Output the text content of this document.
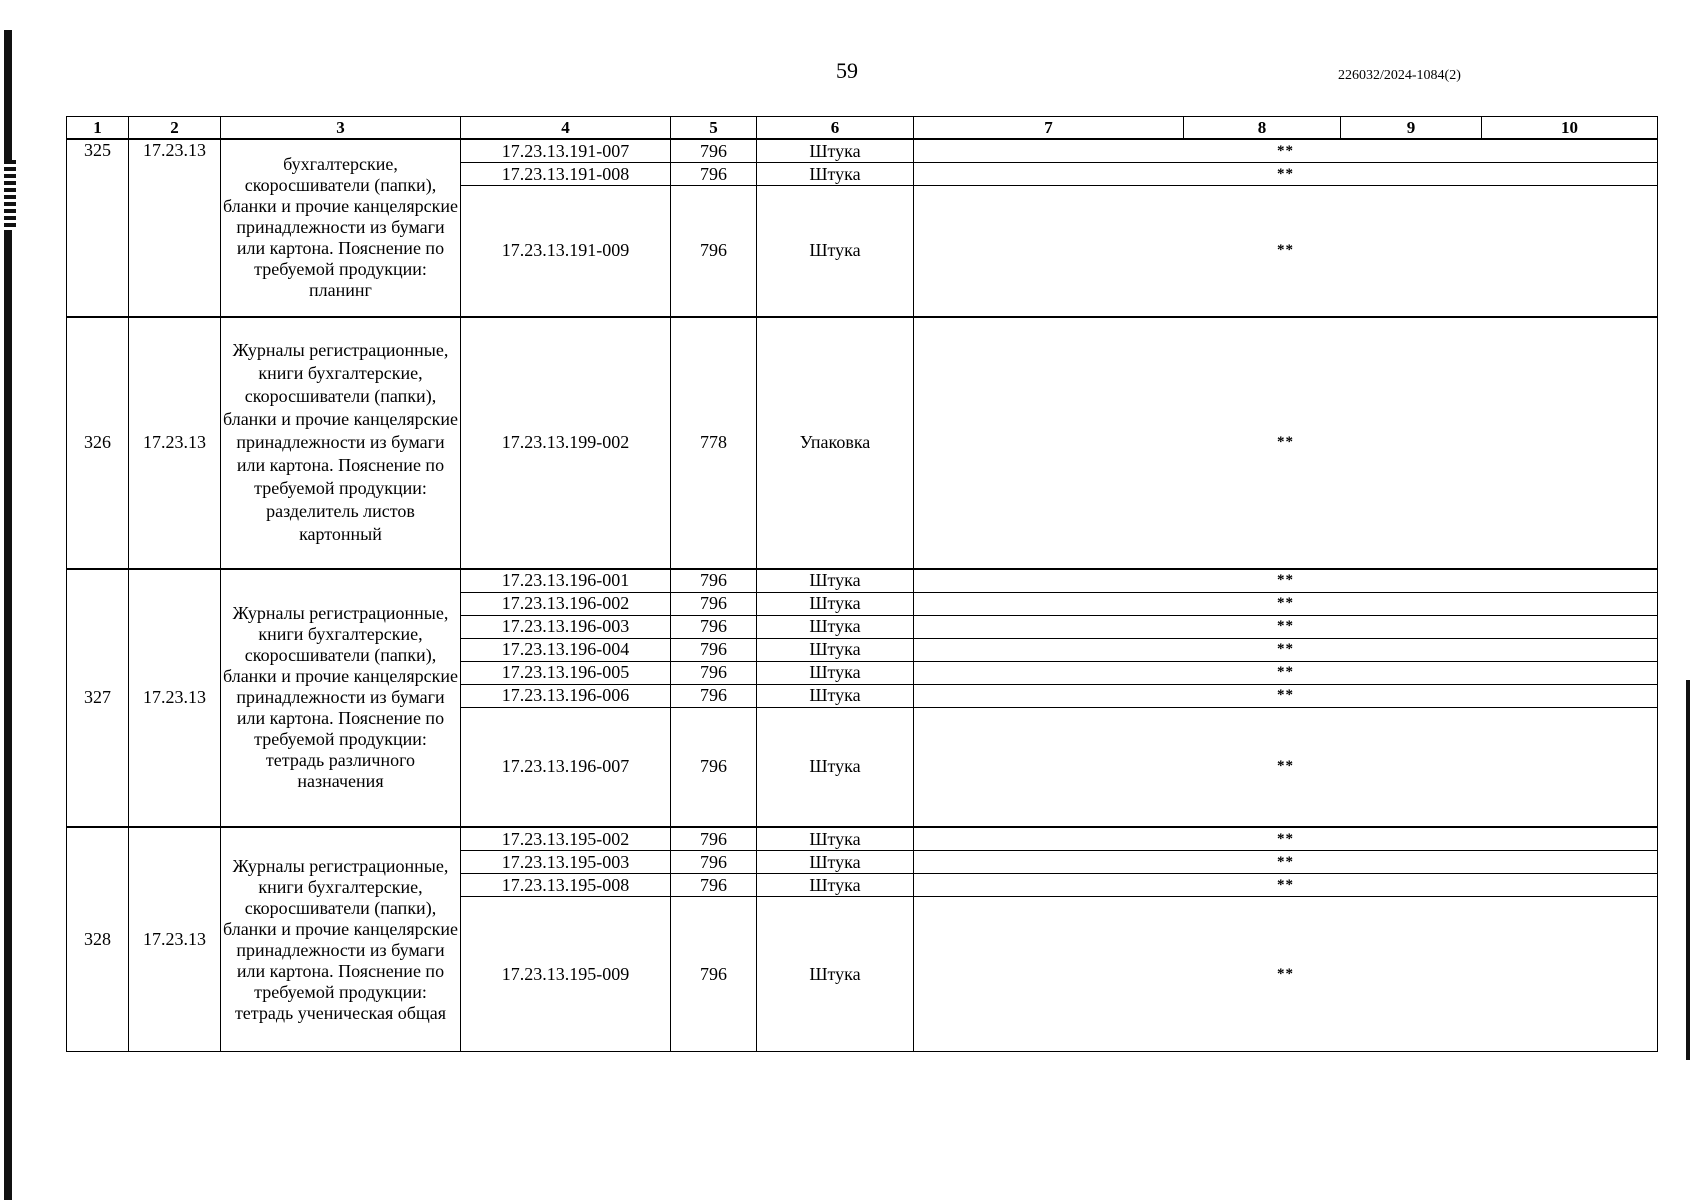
59	226032/2024-1084(2)
1	2	3	4	5	6	7	8	9	10
325	17.23.13	бухгалтерские, скоросшиватели (папки), бланки и прочие канцелярские принадлежности из бумаги или картона. Пояснение по требуемой продукции: планинг	17.23.13.191-007	796	Штука	**			
			17.23.13.191-008	796	Штука	**			
			17.23.13.191-009	796	Штука	**			
326	17.23.13	Журналы регистрационные, книги бухгалтерские, скоросшиватели (папки), бланки и прочие канцелярские принадлежности из бумаги или картона. Пояснение по требуемой продукции: разделитель листов картонный	17.23.13.199-002	778	Упаковка	**			
327	17.23.13	Журналы регистрационные, книги бухгалтерские, скоросшиватели (папки), бланки и прочие канцелярские принадлежности из бумаги или картона. Пояснение по требуемой продукции: тетрадь различного назначения	17.23.13.196-001	796	Штука	**			
			17.23.13.196-002	796	Штука	**			
			17.23.13.196-003	796	Штука	**			
			17.23.13.196-004	796	Штука	**			
			17.23.13.196-005	796	Штука	**			
			17.23.13.196-006	796	Штука	**			
			17.23.13.196-007	796	Штука	**			
328	17.23.13	Журналы регистрационные, книги бухгалтерские, скоросшиватели (папки), бланки и прочие канцелярские принадлежности из бумаги или картона. Пояснение по требуемой продукции: тетрадь ученическая общая	17.23.13.195-002	796	Штука	**			
			17.23.13.195-003	796	Штука	**			
			17.23.13.195-008	796	Штука	**			
			17.23.13.195-009	796	Штука	**			
